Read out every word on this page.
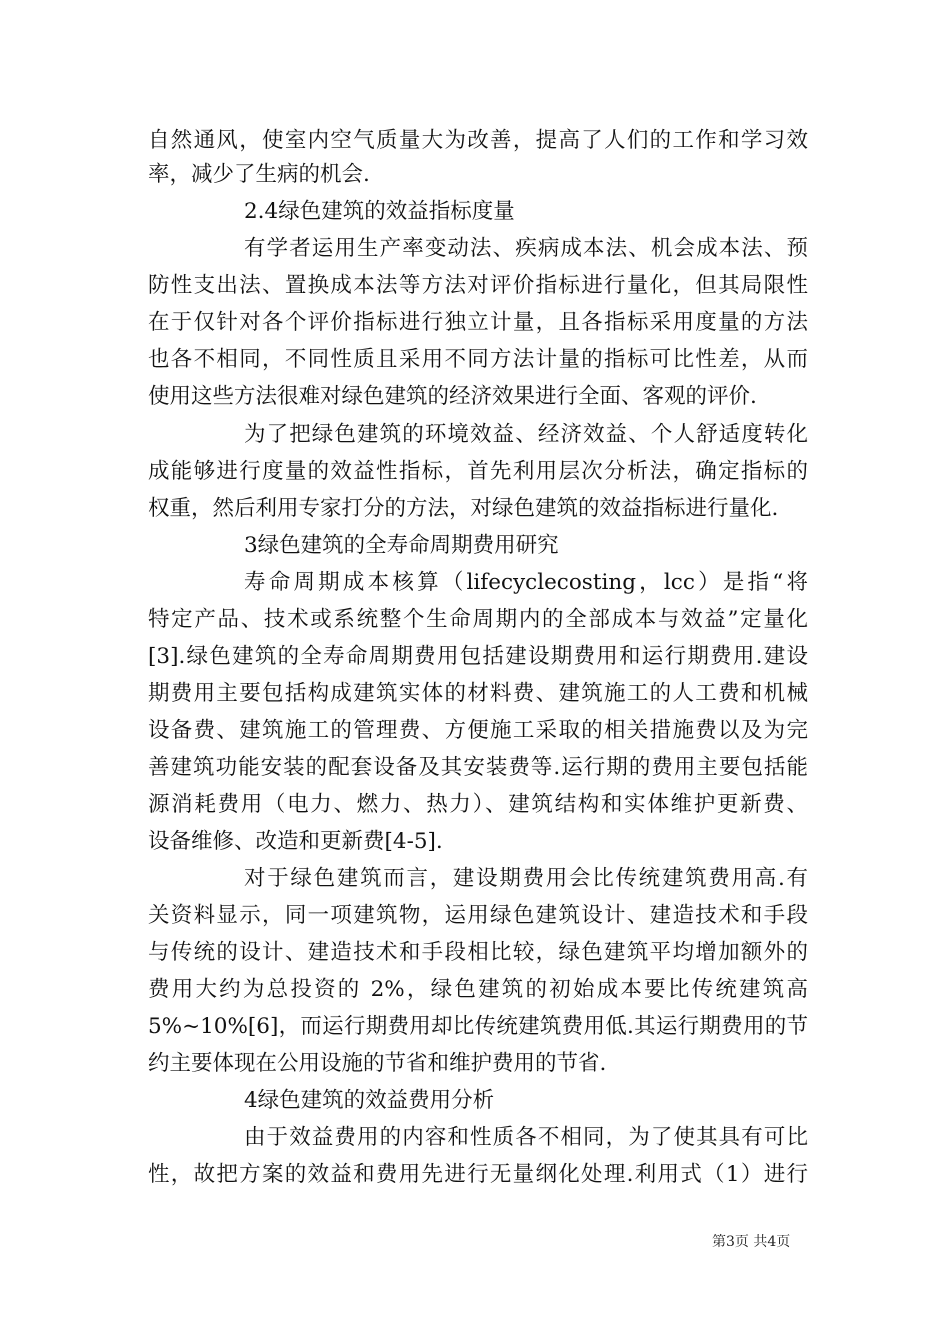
自然通风，使室内空气质量大为改善，提高了人们的工作和学习效
率，减少了生病的机会.
2.4绿色建筑的效益指标度量
有学者运用生产率变动法、疾病成本法、机会成本法、预
防性支出法、置换成本法等方法对评价指标进行量化，但其局限性
在于仅针对各个评价指标进行独立计量，且各指标采用度量的方法
也各不相同，不同性质且采用不同方法计量的指标可比性差，从而
使用这些方法很难对绿色建筑的经济效果进行全面、客观的评价.
为了把绿色建筑的环境效益、经济效益、个人舒适度转化
成能够进行度量的效益性指标，首先利用层次分析法，确定指标的
权重，然后利用专家打分的方法，对绿色建筑的效益指标进行量化.
3绿色建筑的全寿命周期费用研究
寿命周期成本核算（lifecyclecosting，lcc）是指“将
特定产品、技术或系统整个生命周期内的全部成本与效益”定量化
[3].绿色建筑的全寿命周期费用包括建设期费用和运行期费用.建设
期费用主要包括构成建筑实体的材料费、建筑施工的人工费和机械
设备费、建筑施工的管理费、方便施工采取的相关措施费以及为完
善建筑功能安装的配套设备及其安装费等.运行期的费用主要包括能
源消耗费用（电力、燃力、热力）、建筑结构和实体维护更新费、
设备维修、改造和更新费[4-5].
对于绿色建筑而言，建设期费用会比传统建筑费用高.有
关资料显示，同一项建筑物，运用绿色建筑设计、建造技术和手段
与传统的设计、建造技术和手段相比较，绿色建筑平均增加额外的
费用大约为总投资的 2%，绿色建筑的初始成本要比传统建筑高
5%~10%[6]，而运行期费用却比传统建筑费用低.其运行期费用的节
约主要体现在公用设施的节省和维护费用的节省.
4绿色建筑的效益费用分析
由于效益费用的内容和性质各不相同，为了使其具有可比
性，故把方案的效益和费用先进行无量纲化处理.利用式（1）进行
第3页 共4页
